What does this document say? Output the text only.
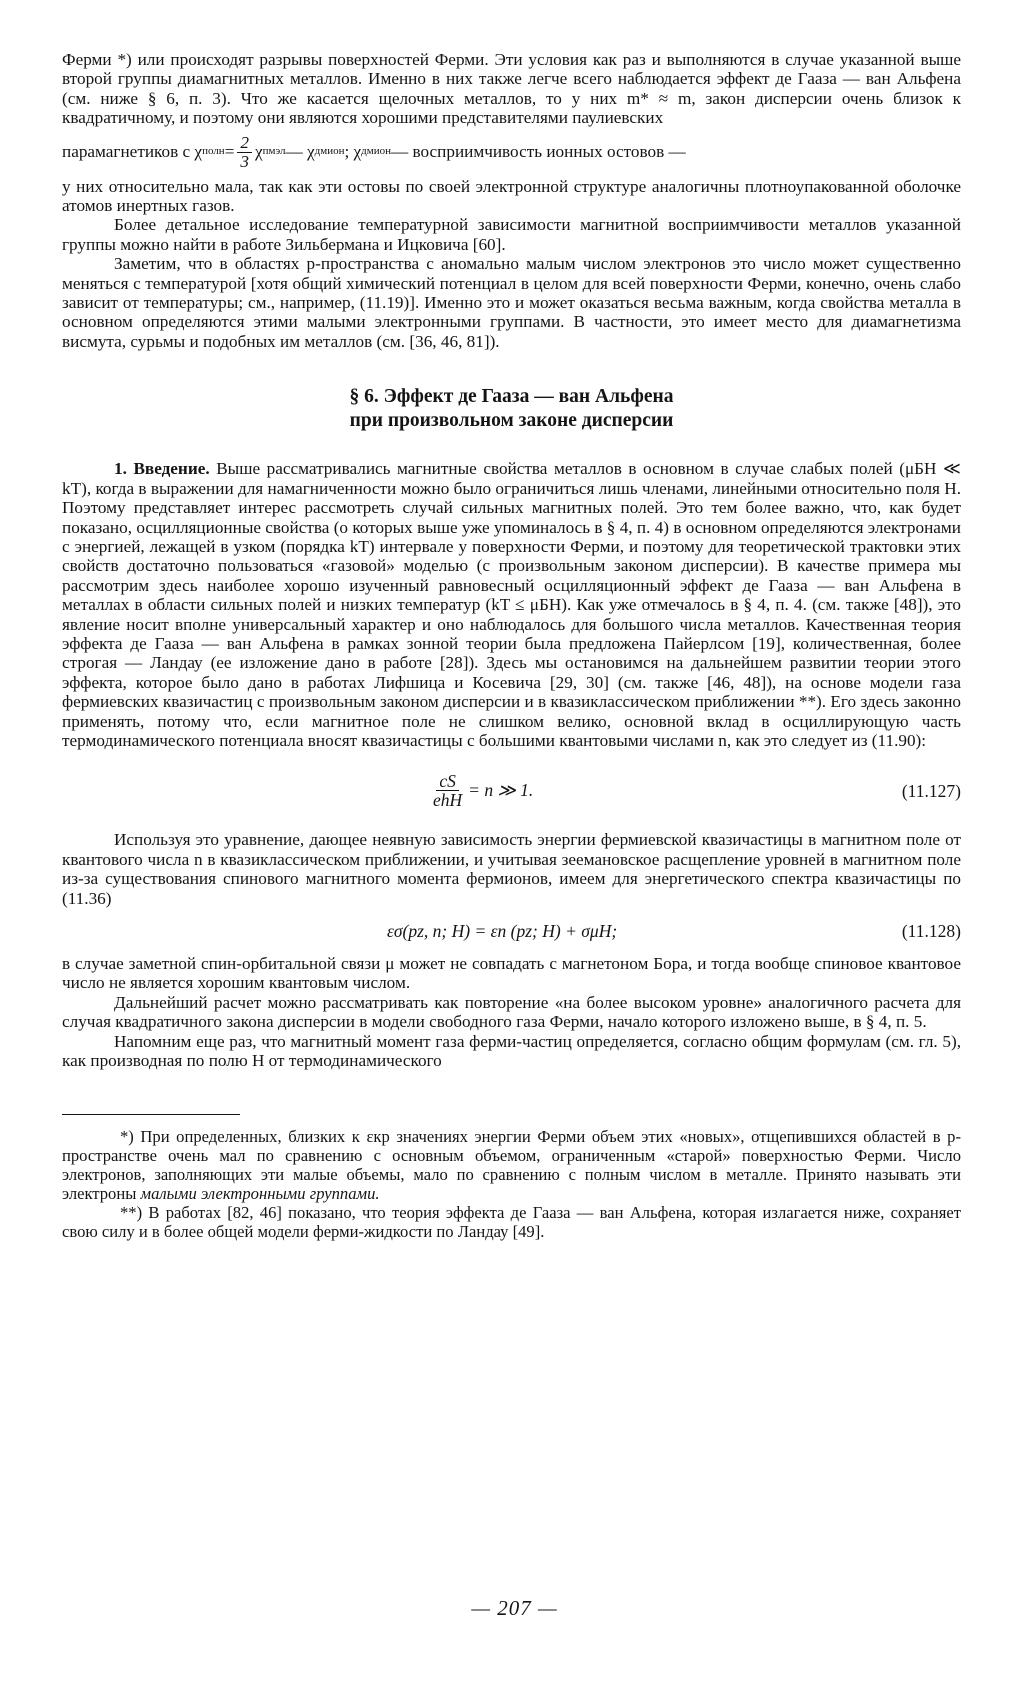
Ферми *) или происходят разрывы поверхностей Ферми. Эти условия как раз и выполняются в случае указанной выше второй группы диамагнитных металлов. Именно в них также легче всего наблюдается эффект де Гааза — ван Альфена (см. ниже § 6, п. 3). Что же касается щелочных металлов, то у них m* ≈ m, закон дисперсии очень близок к квадратичному, и поэтому они являются хорошими представителями паулиевских

парамагнетиков с χ полн = $\frac{2}{3}$ χ пм эл — χ дм ион ; χ дм ион — восприимчивость ионных остовов —

у них относительно мала, так как эти остовы по своей электронной структуре аналогичны плотноупакованной оболочке атомов инертных газов.

Более детальное исследование температурной зависимости магнитной восприимчивости металлов указанной группы можно найти в работе Зильбермана и Ицковича [60].

Заметим, что в областях p-пространства с аномально малым числом электронов это число может существенно меняться с температурой [хотя общий химический потенциал в целом для всей поверхности Ферми, конечно, очень слабо зависит от температуры; см., например, (11.19)]. Именно это и может оказаться весьма важным, когда свойства металла в основном определяются этими малыми электронными группами. В частности, это имеет место для диамагнетизма висмута, сурьмы и подобных им металлов (см. [36, 46, 81]).

§ 6. Эффект де Гааза — ван Альфена
при произвольном законе дисперсии

1. Введение. Выше рассматривались магнитные свойства металлов в основном в случае слабых полей (μБH ≪ kT), когда в выражении для намагниченности можно было ограничиться лишь членами, линейными относительно поля H. Поэтому представляет интерес рассмотреть случай сильных магнитных полей. Это тем более важно, что, как будет показано, осцилляционные свойства (о которых выше уже упоминалось в § 4, п. 4) в основном определяются электронами с энергией, лежащей в узком (порядка kT) интервале у поверхности Ферми, и поэтому для теоретической трактовки этих свойств достаточно пользоваться «газовой» моделью (с произвольным законом дисперсии). В качестве примера мы рассмотрим здесь наиболее хорошо изученный равновесный осцилляционный эффект де Гааза — ван Альфена в металлах в области сильных полей и низких температур (kT ≤ μБH). Как уже отмечалось в § 4, п. 4. (см. также [48]), это явление носит вполне универсальный характер и оно наблюдалось для большого числа металлов. Качественная теория эффекта де Гааза — ван Альфена в рамках зонной теории была предложена Пайерлсом [19], количественная, более строгая — Ландау (ее изложение дано в работе [28]). Здесь мы остановимся на дальнейшем развитии теории этого эффекта, которое было дано в работах Лифшица и Косевича [29, 30] (см. также [46, 48]), на основе модели газа фермиевских квазичастиц с произвольным законом дисперсии и в квазиклассическом приближении **). Его здесь законно применять, потому что, если магнитное поле не слишком велико, основной вклад в осциллирующую часть термодинамического потенциала вносят квазичастицы с большими квантовыми числами n, как это следует из (11.90):

$\frac{cS}{\text{ehH}} = n$ ≫ 1.	(11.127)

Используя это уравнение, дающее неявную зависимость энергии фермиевской квазичастицы в магнитном поле от квантового числа n в квазиклассическом приближении, и учитывая зеемановское расщепление уровней в магнитном поле из-за существования спинового магнитного момента фермионов, имеем для энергетического спектра квазичастицы по (11.36)

εσ(pz, n; H) = εn (pz; H) + σμH;	(11.128)

в случае заметной спин-орбитальной связи μ может не совпадать с магнетоном Бора, и тогда вообще спиновое квантовое число не является хорошим квантовым числом.

Дальнейший расчет можно рассматривать как повторение «на более высоком уровне» аналогичного расчета для случая квадратичного закона дисперсии в модели свободного газа Ферми, начало которого изложено выше, в § 4, п. 5.

Напомним еще раз, что магнитный момент газа ферми-частиц определяется, согласно общим формулам (см. гл. 5), как производная по полю H от термодинамического

*) При определенных, близких к εкр значениях энергии Ферми объем этих «новых», отщепившихся областей в p-пространстве очень мал по сравнению с основным объемом, ограниченным «старой» поверхностью Ферми. Число электронов, заполняющих эти малые объемы, мало по сравнению с полным числом в металле. Принято называть эти электроны малыми электронными группами.

**) В работах [82, 46] показано, что теория эффекта де Гааза — ван Альфена, которая излагается ниже, сохраняет свою силу и в более общей модели ферми-жидкости по Ландау [49].

— 207 —
